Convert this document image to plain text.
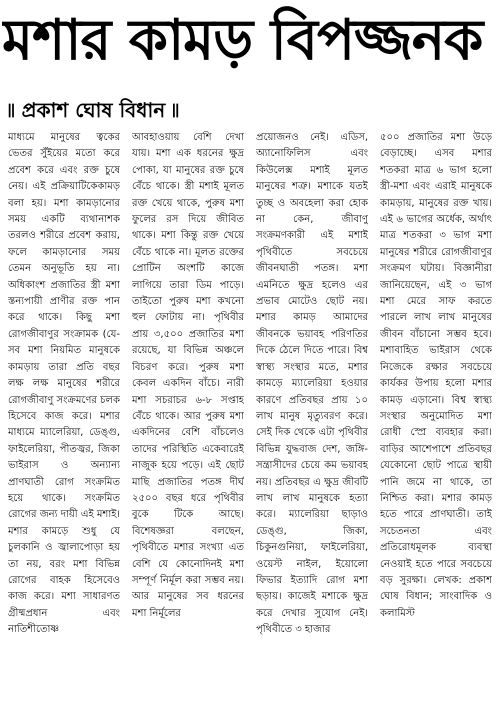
মশার কামড় বিপজ্জনক
৷৷ প্রকাশ ঘোষ বিধান ৷৷
মাধ্যমে মানুষের ত্বকের ভেতর সুঁইয়ের মতো করে প্রবেশ করে এবং রক্ত চুষে নেয়। এই প্রক্রিয়াটিকেকামড় বলা হয়। মশা কামড়ানোর সময় একটি ব্যথানাশক তরলও শরীরে প্রবেশ করায়, ফলে কামড়ানোর সময় তেমন অনুভূতি হয় না। অধিকাংশ প্রজাতির স্ত্রী মশা স্তন্যপায়ী প্রাণীর রক্ত পান করে থাকে। কিছু মশা রোগজীবাণুর সংক্রামক (যে-সব মশা নিয়মিত মানুষকে কামড়ায় তারা প্রতি বছর লক্ষ লক্ষ মানুষের শরীরে রোগজীবাণু সংক্রমণের চলক হিসেবে কাজ করে। মশার মাধ্যমে ম্যালেরিয়া, ডেঙ্গু, ফাইলেরিয়া, পীতজ্বর, জিকা ভাইরাস ও অন্যান্য প্রাণঘাতী রোগ সংক্রমিত হয়ে থাকে। সংক্রমিত রোগের জন্য দায়ী এই মশাই। মশার কামড়ে শুধু যে চুলকানি ও জ্বালাপোড়া হয় তা নয়, বরং মশা বিভিন্ন রোগের বাহক হিসেবেও কাজ করে। মশা সাধারণত গ্রীষ্মপ্রধান এবং নাতিশীতোষ্ণ
আবহাওয়ায় বেশি দেখা যায়। মশা এক ধরনের ক্ষুদ্র পোকা, যা মানুষের রক্ত চুষে বেঁচে থাকে। স্ত্রী মশাই মূলত রক্ত খেয়ে থাকে, পুরুষ মশা ফুলের রস দিয়ে জীবিত থাকে। মশা কিন্তু রক্ত খেয়ে বেঁচে থাকে না। মূলত রক্তের প্রোটিন অংশটি কাজে লাগিয়ে তারা ডিম পাড়ে। তাইতো পুরুষ মশা কখনো হুল ফোটায় না। পৃথিবীর প্রায় ৩,৫০০ প্রজাতির মশা রয়েছে, যা বিভিন্ন অঞ্চলে বিচরণ করে। পুরুষ মশা কেবল একদিন বাঁচে। নারী মশা সচরাচর ৬-৮ সপ্তাহ বেঁচে থাকে। আর পুরুষ মশা একদিনের বেশি বাঁচলেও তাদের পরিস্থিতি একেবারেই নাজুক হয়ে পড়ে। এই ছোট মাছি প্রজাতির পতঙ্গ দীর্ঘ ২৫০০ বছর ধরে পৃথিবীর বুকে টিকে আছে। বিশেষজ্ঞরা বলছেন, পৃথিবীতে মশার সংখ্যা এত বেশি যে কোনোদিনই মশা সম্পূর্ণ নির্মূল করা সম্ভব নয়। আর মানুষের সব ধরনের মশা নির্মূলের
প্রয়োজনও নেই। এডিস, অ্যানোফিলিস এবং কিউলেক্স মশাই মূলত মানুষের শত্রু। মশাকে যতই তুচ্ছ ও অবহেলা করা হোক না কেন, জীবাণু সংক্রমণকারী এই মশাই পৃথিবীতে সবচেয়ে জীবনঘাতী পতঙ্গ। মশা এমনিতে ক্ষুদ্র হলেও এর প্রভাব মোটেও ছোট নয়। মশার কামড় আমাদের জীবনকে ভয়াবহ পরিণতির দিকে ঠেলে দিতে পারে। বিশ্ব স্বাস্থ্য সংস্থার মতে, মশার কামড়ে ম্যালেরিয়া হওয়ার কারণে প্রতিবছর প্রায় ১০ লাখ মানুষ মৃত্যুবরণ করে। সেই দিক থেকে এটা পৃথিবীর বিভিন্ন যুদ্ধবাজ দেশ, জঙ্গি-সন্ত্রাসীদের চেয়ে কম ভয়াবহ নয়। প্রতিবছর এ ক্ষুদ্র জীবটি লাখ লাখ মানুষকে হত্যা করে। ম্যালেরিয়া ছাড়াও ডেঙ্গু, জিকা, চিকুনগুনিয়া, ফাইলেরিয়া, ওয়েস্ট নাইল, ইয়োলো ফিভার ইত্যাদি রোগ মশা ছড়ায়। কাজেই মশাকে ক্ষুদ্র করে দেখার সুযোগ নেই। পৃথিবীতে ৩ হাজার
৫০০ প্রজাতির মশা উড়ে বেড়াচ্ছে। এসব মশার শতকরা মাত্র ৬ ভাগ হলো স্ত্রী-মশা এবং এরাই মানুষকে কামড়ায়, মানুষের রক্ত খায়। এই ৬ ভাগের অর্ধেক, অর্থাৎ মাত্র শতকরা ৩ ভাগ মশা মানুষের শরীরে রোগজীবাণুর সংক্রমণ ঘটায়। বিজ্ঞানীরা জানিয়েছেন, এই ৩ ভাগ মশা মেরে সাফ করতে পারলে লাখ লাখ মানুষের জীবন বাঁচানো সম্ভব হবে। মশাবাহিত ভাইরাস থেকে নিজেকে রক্ষার সবচেয়ে কার্যকর উপায় হলো মশার কামড় এড়ানো। বিশ্ব স্বাস্থ্য সংস্থার অনুমোদিত মশা রোধী স্প্রে ব্যবহার করা। বাড়ির আশেপাশে প্রতিবছর যেকোনো ছোট পাত্রে স্থায়ী পানি জমে না থাকে, তা নিশ্চিত করা। মশার কামড় হতে পারে প্রাণঘাতী। তাই সচেতনতা এবং প্রতিরোধমূলক ব্যবস্থা নেওয়াই হতে পারে সবচেয়ে বড় সুরক্ষা। লেখক: প্রকাশ ঘোষ বিধান; সাংবাদিক ও কলামিস্ট
